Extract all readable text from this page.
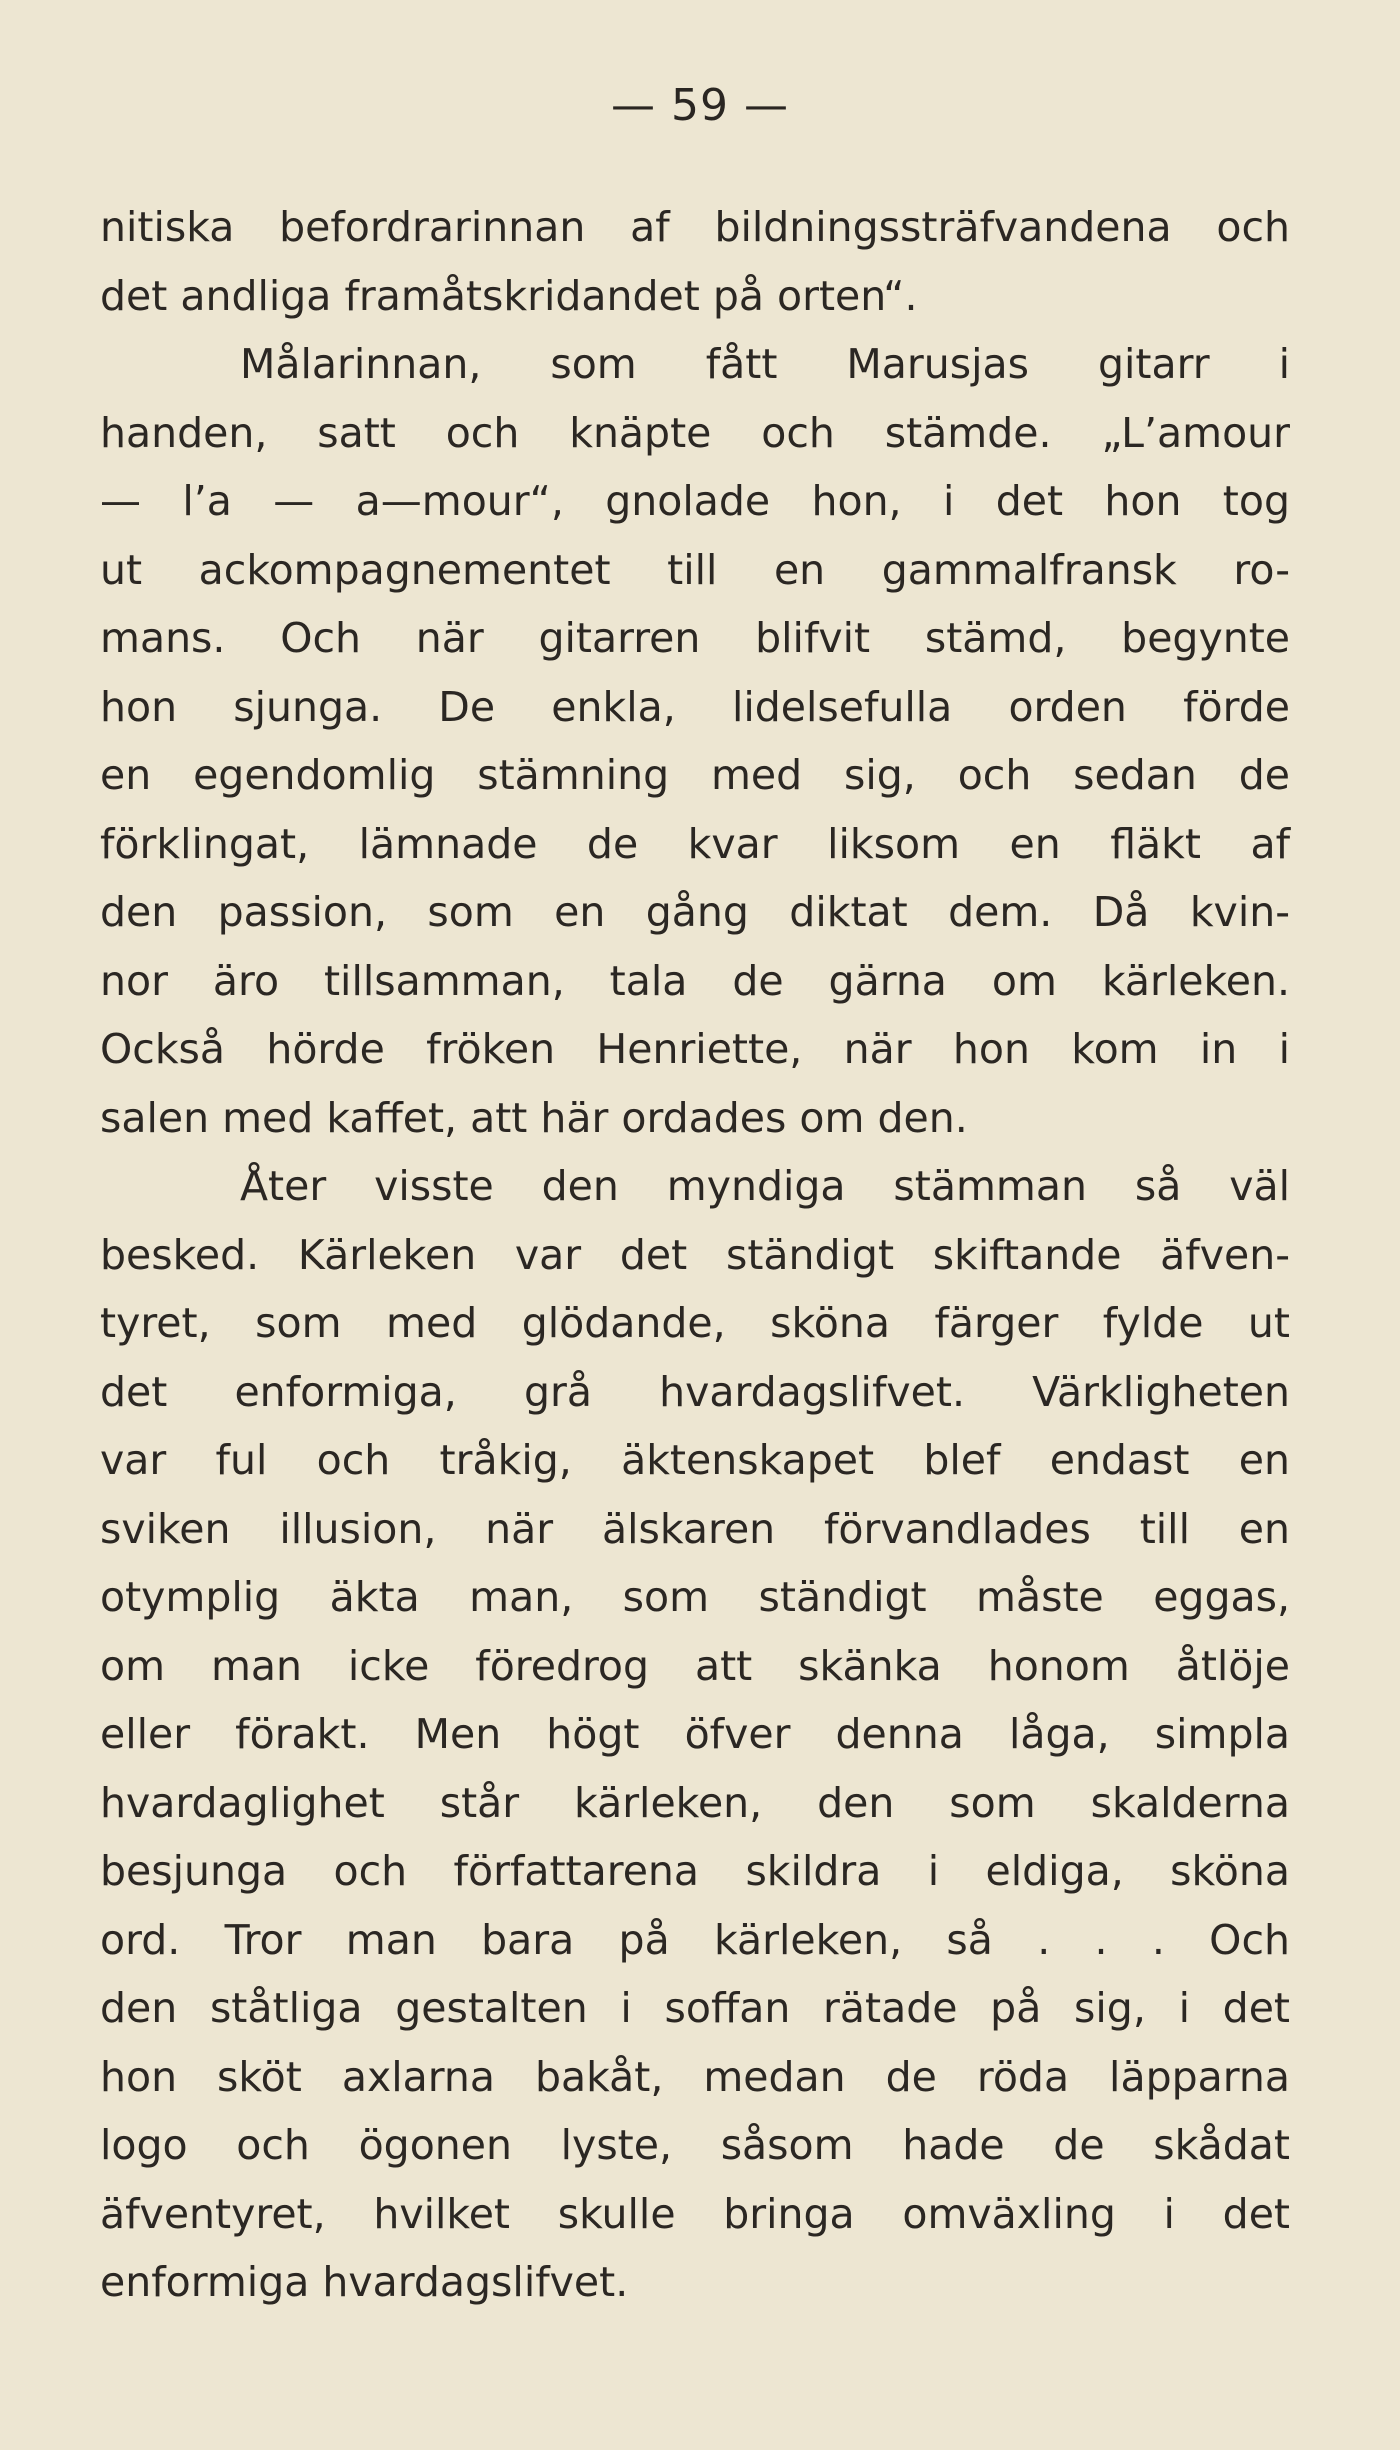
— 59 —
nitiska befordrarinnan af bildningssträfvandena och
det andliga framåtskridandet på orten“.
Målarinnan, som fått Marusjas gitarr i
handen, satt och knäpte och stämde. „L’amour
— l’a — a—mour“, gnolade hon, i det hon tog
ut ackompagnementet till en gammalfransk ro-
mans. Och när gitarren blifvit stämd, begynte
hon sjunga. De enkla, lidelsefulla orden förde
en egendomlig stämning med sig, och sedan de
förklingat, lämnade de kvar liksom en fläkt af
den passion, som en gång diktat dem. Då kvin-
nor äro tillsamman, tala de gärna om kärleken.
Också hörde fröken Henriette, när hon kom in i
salen med kaffet, att här ordades om den.
Åter visste den myndiga stämman så väl
besked. Kärleken var det ständigt skiftande äfven-
tyret, som med glödande, sköna färger fylde ut
det enformiga, grå hvardagslifvet. Värkligheten
var ful och tråkig, äktenskapet blef endast en
sviken illusion, när älskaren förvandlades till en
otymplig äkta man, som ständigt måste eggas,
om man icke föredrog att skänka honom åtlöje
eller förakt. Men högt öfver denna låga, simpla
hvardaglighet står kärleken, den som skalderna
besjunga och författarena skildra i eldiga, sköna
ord. Tror man bara på kärleken, så . . . Och
den ståtliga gestalten i soffan rätade på sig, i det
hon sköt axlarna bakåt, medan de röda läpparna
logo och ögonen lyste, såsom hade de skådat
äfventyret, hvilket skulle bringa omväxling i det
enformiga hvardagslifvet.
